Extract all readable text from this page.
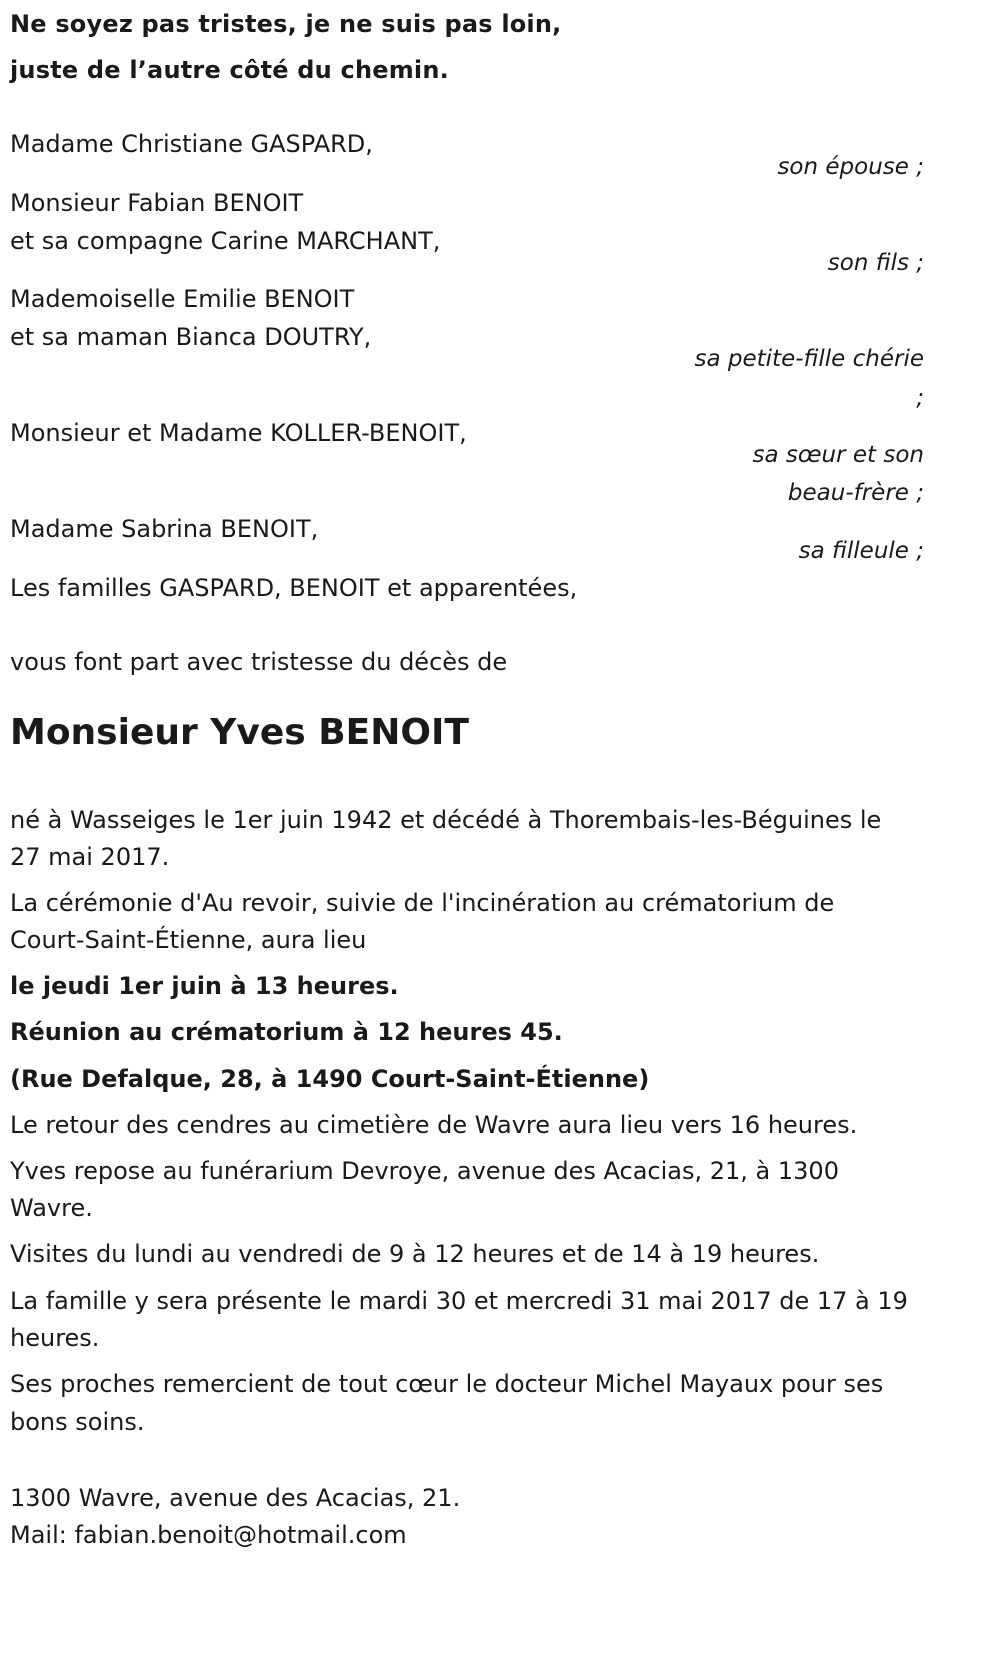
Ne soyez pas tristes, je ne suis pas loin,
juste de l’autre côté du chemin.
Madame Christiane GASPARD,
son épouse ;
Monsieur Fabian BENOIT
et sa compagne Carine MARCHANT,
son fils ;
Mademoiselle Emilie BENOIT
et sa maman Bianca DOUTRY,
sa petite-fille chérie
;
Monsieur et Madame KOLLER-BENOIT,
sa sœur et son
beau-frère ;
Madame Sabrina BENOIT,
sa filleule ;
Les familles GASPARD, BENOIT et apparentées,
vous font part avec tristesse du décès de
Monsieur Yves BENOIT
né à Wasseiges le 1er juin 1942 et décédé à Thorembais-les-Béguines le
27 mai 2017.
La cérémonie d'Au revoir, suivie de l'incinération au crématorium de
Court-Saint-Étienne, aura lieu
le jeudi 1er juin à 13 heures.
Réunion au crématorium à 12 heures 45.
(Rue Defalque, 28, à 1490 Court-Saint-Étienne)
Le retour des cendres au cimetière de Wavre aura lieu vers 16 heures.
Yves repose au funérarium Devroye, avenue des Acacias, 21, à 1300
Wavre.
Visites du lundi au vendredi de 9 à 12 heures et de 14 à 19 heures.
La famille y sera présente le mardi 30 et mercredi 31 mai 2017 de 17 à 19
heures.
Ses proches remercient de tout cœur le docteur Michel Mayaux pour ses
bons soins.
1300 Wavre, avenue des Acacias, 21.
Mail: fabian.benoit@hotmail.com
